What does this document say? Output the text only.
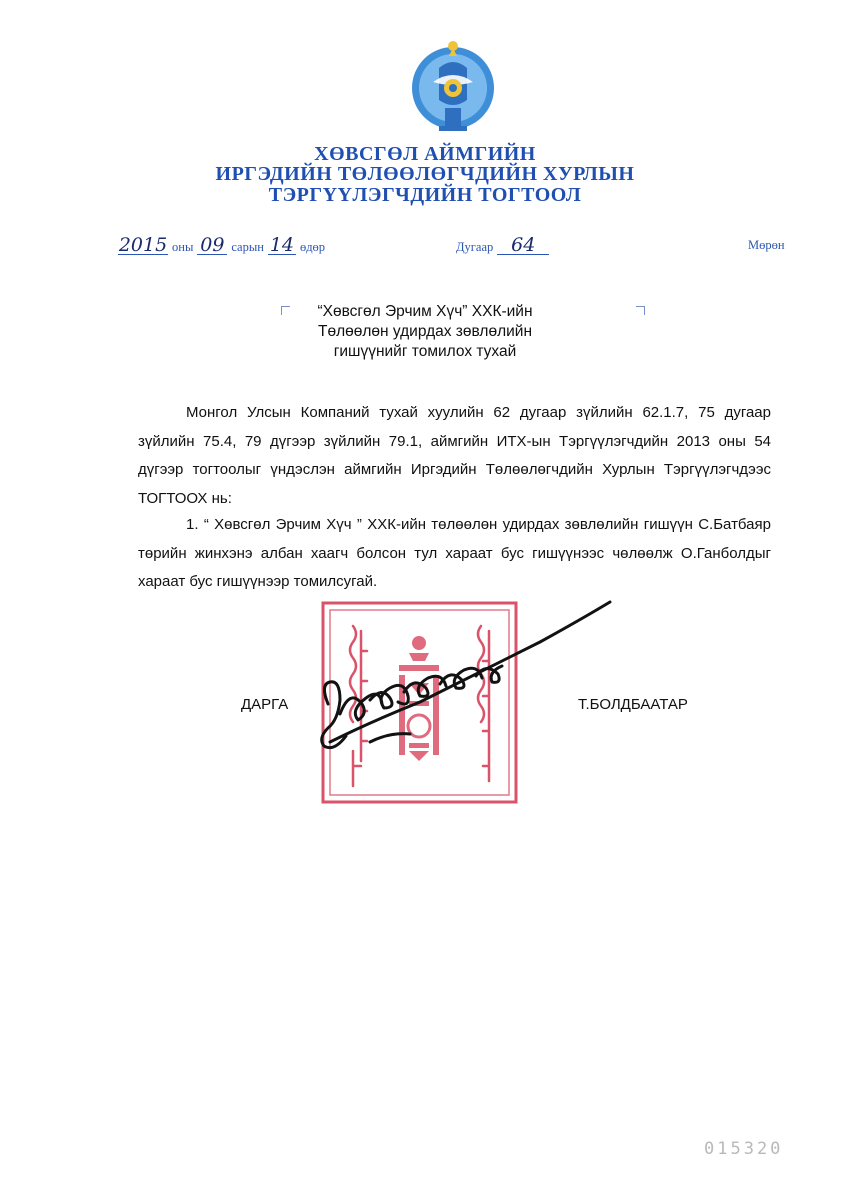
ХӨВСГӨЛ АЙМГИЙН

ИРГЭДИЙН ТӨЛӨӨЛӨГЧДИЙН ХУРЛЫН

ТЭРГҮҮЛЭГЧДИЙН ТОГТООЛ

2015 оны 09 сарын 14 өдөр	Дугаар 64	Мөрөн

“Хөвсгөл Эрчим Хүч” ХХК-ийн

Төлөөлөн удирдах зөвлөлийн

гишүүнийг томилох тухай

Монгол Улсын Компаний тухай хуулийн 62 дугаар зүйлийн 62.1.7, 75 дугаар зүйлийн 75.4, 79 дүгээр зүйлийн 79.1, аймгийн ИТХ-ын Тэргүүлэгчдийн 2013 оны 54 дүгээр тогтоолыг үндэслэн аймгийн Иргэдийн Төлөөлөгчдийн Хурлын Тэргүүлэгчдээс ТОГТООХ нь:

1. “ Хөвсгөл Эрчим Хүч ” ХХК-ийн төлөөлөн удирдах зөвлөлийн гишүүн С.Батбаяр төрийн жинхэнэ албан хаагч болсон тул хараат бус гишүүнээс чөлөөлж О.Ганболдыг хараат бус гишүүнээр томилсугай.

ДАРГА	Т.БОЛДБААТАР

015320
